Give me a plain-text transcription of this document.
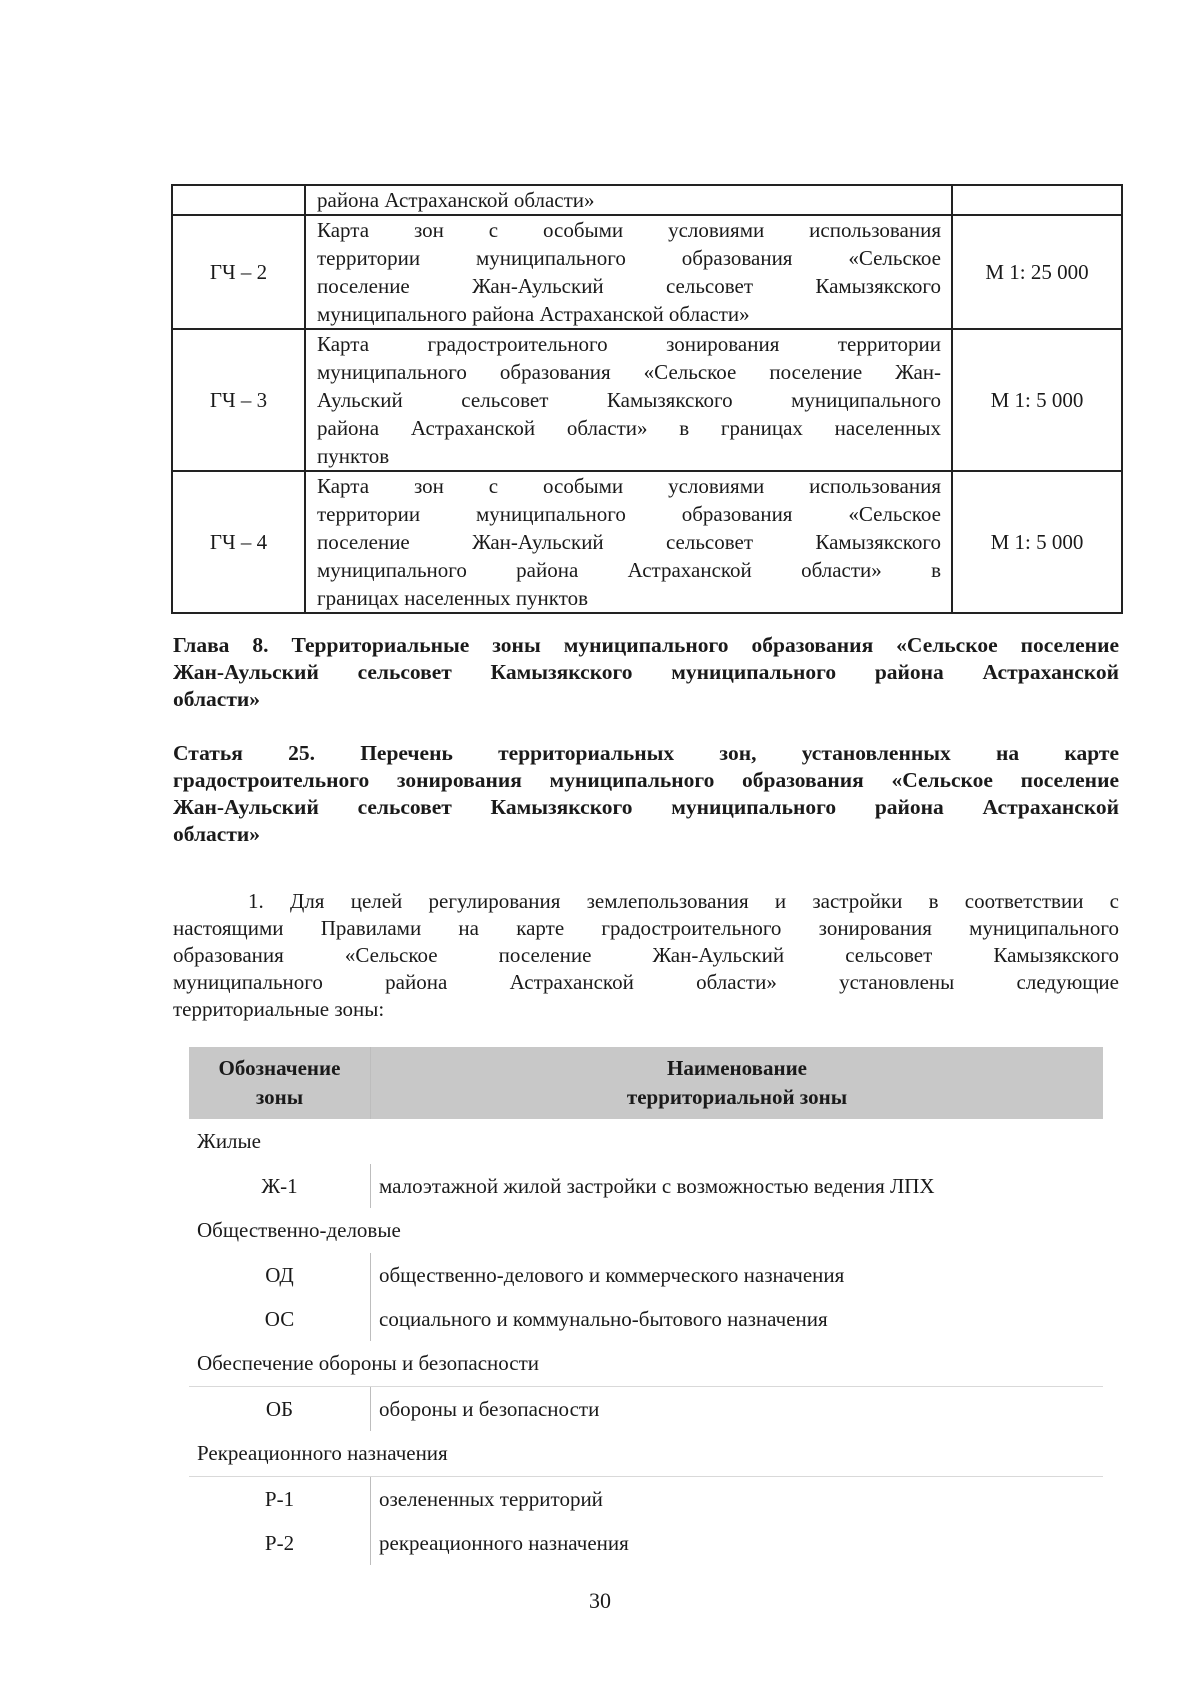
	района Астраханской области»	

ГЧ – 2	Карта зон с особыми условиями использования
территории муниципального образования «Сельское
поселение Жан-Аульский сельсовет Камызякского
муниципального района Астраханской области»	М 1: 25 000
ГЧ – 3	Карта градостроительного зонирования территории
муниципального образования «Сельское поселение Жан-
Аульский сельсовет Камызякского муниципального
района Астраханской области» в границах населенных
пунктов	М 1: 5 000
ГЧ – 4	Карта зон с особыми условиями использования
территории муниципального образования «Сельское
поселение Жан-Аульский сельсовет Камызякского
муниципального района Астраханской области» в
границах населенных пунктов	М 1: 5 000
Глава 8. Территориальные зоны муниципального образования «Сельское поселение
Жан-Аульский сельсовет Камызякского муниципального района Астраханской
области»
Статья 25. Перечень территориальных зон, установленных на карте
градостроительного зонирования муниципального образования «Сельское поселение
Жан-Аульский сельсовет Камызякского муниципального района Астраханской
области»
1. Для целей регулирования землепользования и застройки в соответствии с
настоящими Правилами на карте градостроительного зонирования муниципального
образования «Сельское поселение Жан-Аульский сельсовет Камызякского
муниципального района Астраханской области» установлены следующие
территориальные зоны:
Обозначение
зоны
Наименование
территориальной зоны
Жилые
Ж-1	малоэтажной жилой застройки с возможностью ведения ЛПХ
Общественно-деловые
ОД	общественно-делового и коммерческого назначения
ОС	социального и коммунально-бытового назначения
Обеспечение обороны и безопасности
ОБ	обороны и безопасности
Рекреационного назначения
Р-1	озелененных территорий
Р-2	рекреационного назначения
30
